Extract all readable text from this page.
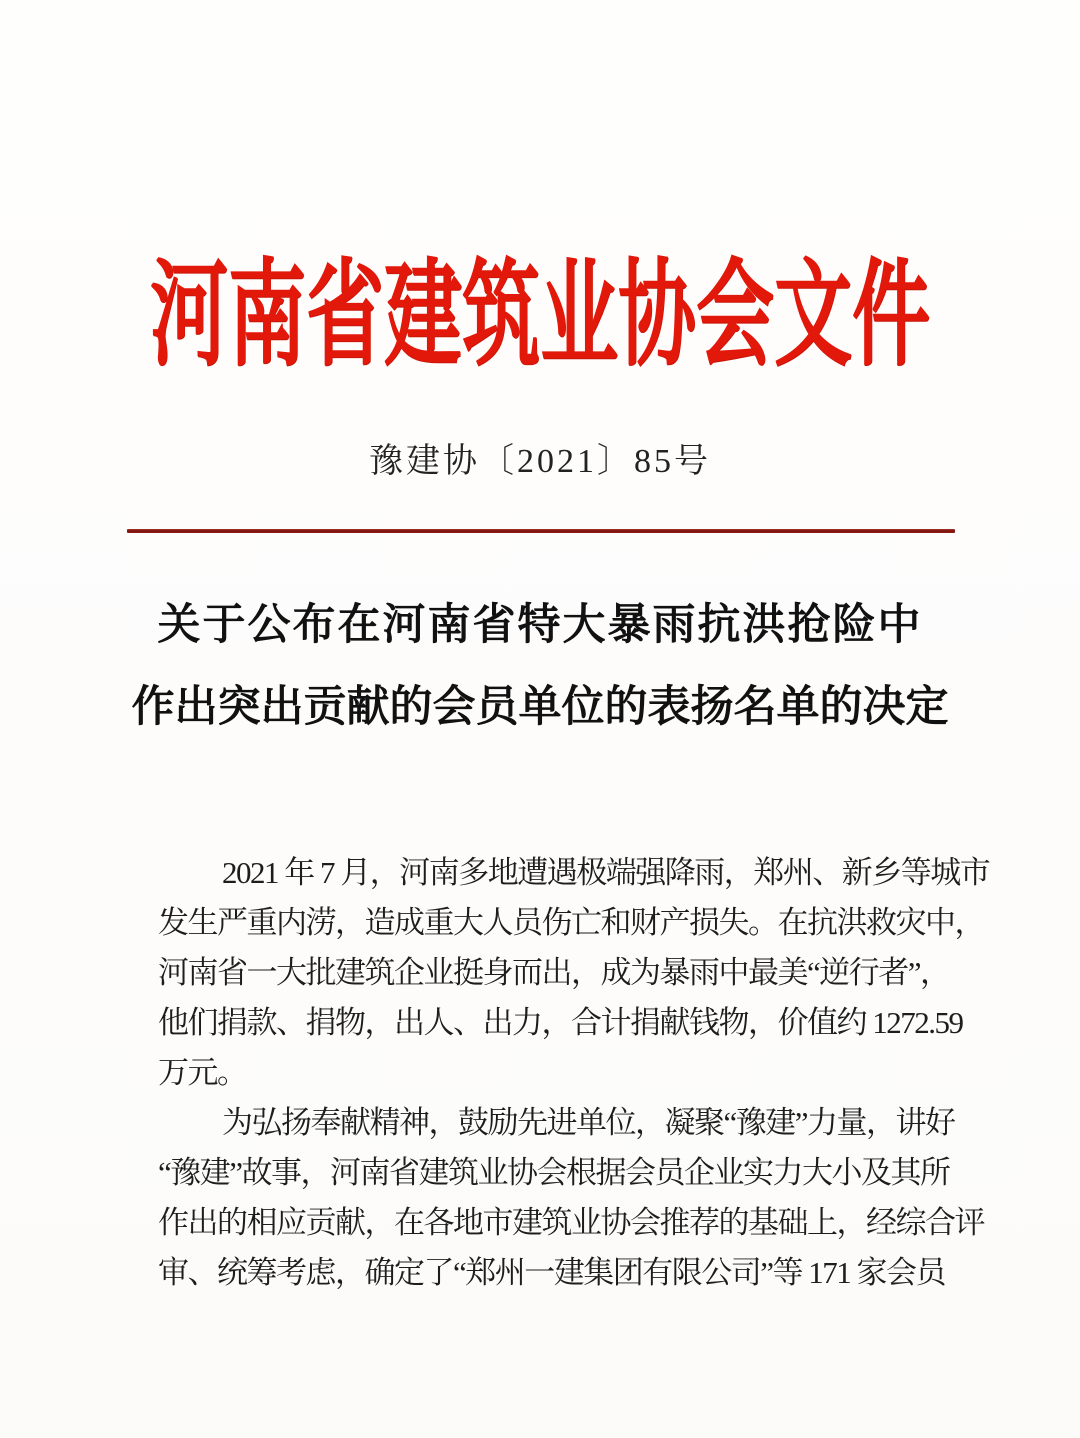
河南省建筑业协会文件
豫建协〔2021〕85号
关于公布在河南省特大暴雨抗洪抢险中
作出突出贡献的会员单位的表扬名单的决定
2021 年 7 月，河南多地遭遇极端强降雨，郑州、新乡等城市
发生严重内涝，造成重大人员伤亡和财产损失。在抗洪救灾中，
河南省一大批建筑企业挺身而出，成为暴雨中最美“逆行者”，
他们捐款、捐物，出人、出力，合计捐献钱物，价值约 1272.59
万元。
为弘扬奉献精神，鼓励先进单位，凝聚“豫建”力量，讲好
“豫建”故事，河南省建筑业协会根据会员企业实力大小及其所
作出的相应贡献，在各地市建筑业协会推荐的基础上，经综合评
审、统筹考虑，确定了“郑州一建集团有限公司”等 171 家会员
